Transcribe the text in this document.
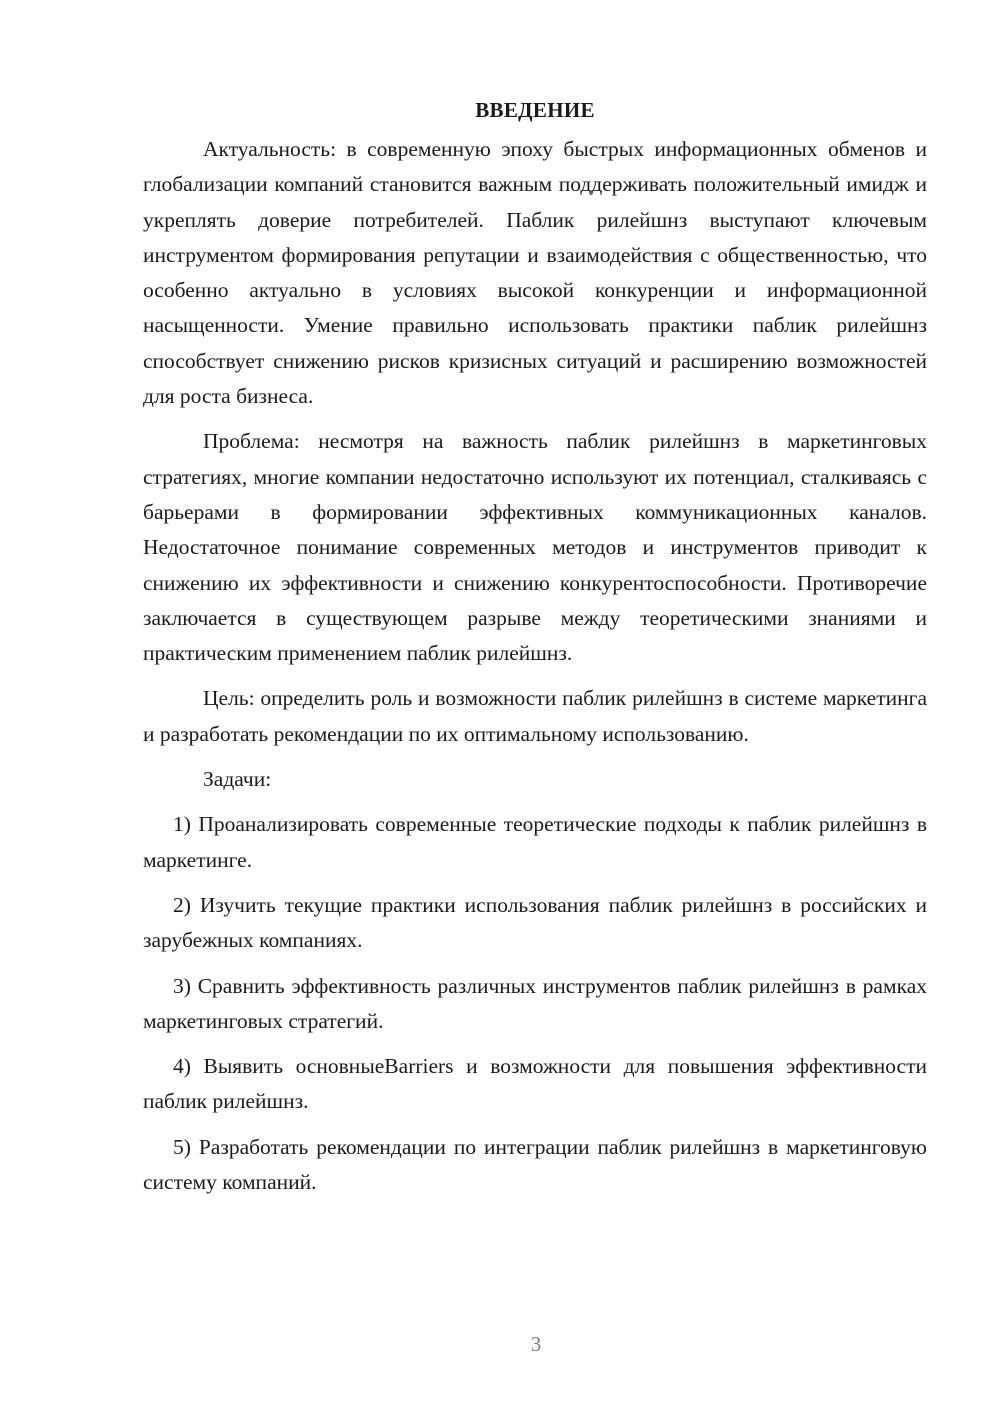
ВВЕДЕНИЕ

Актуальность: в современную эпоху быстрых информационных обменов и глобализации компаний становится важным поддерживать положительный имидж и укреплять доверие потребителей. Паблик рилейшнз выступают ключевым инструментом формирования репутации и взаимодействия с общественностью, что особенно актуально в условиях высокой конкуренции и информационной насыщенности. Умение правильно использовать практики паблик рилейшнз способствует снижению рисков кризисных ситуаций и расширению возможностей для роста бизнеса.

Проблема: несмотря на важность паблик рилейшнз в маркетинговых стратегиях, многие компании недостаточно используют их потенциал, сталкиваясь с барьерами в формировании эффективных коммуникационных каналов. Недостаточное понимание современных методов и инструментов приводит к снижению их эффективности и снижению конкурентоспособности. Противоречие заключается в существующем разрыве между теоретическими знаниями и практическим применением паблик рилейшнз.

Цель: определить роль и возможности паблик рилейшнз в системе маркетинга и разработать рекомендации по их оптимальному использованию.

Задачи:

1) Проанализировать современные теоретические подходы к паблик рилейшнз в маркетинге.

2) Изучить текущие практики использования паблик рилейшнз в российских и зарубежных компаниях.

3) Сравнить эффективность различных инструментов паблик рилейшнз в рамках маркетинговых стратегий.

4) Выявить основныеBarriers и возможности для повышения эффективности паблик рилейшнз.

5) Разработать рекомендации по интеграции паблик рилейшнз в маркетинговую систему компаний.

3
